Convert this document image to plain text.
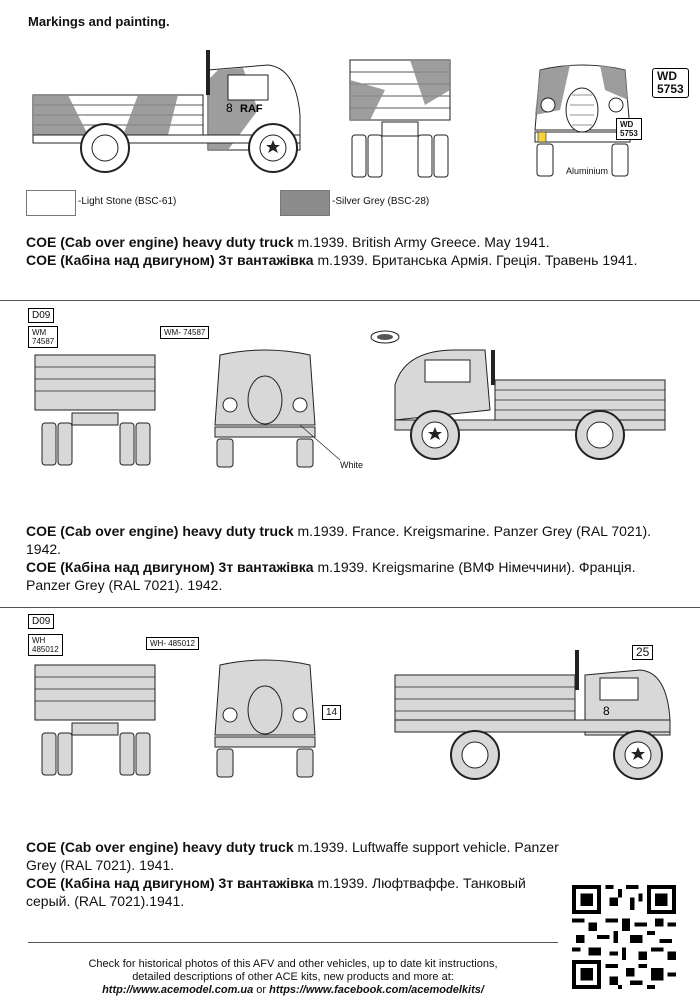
Markings and painting.
RAF
8
WD
5753
WD
5753
Aluminium
-Light Stone (BSC-61)	-Silver Grey (BSC-28)
COE (Cab over engine) heavy duty truck m.1939. British Army Greece. May 1941.
COE (Кабіна над двигуном) 3т вантажівка m.1939. Британська Армія. Греція. Травень 1941.
D09
WM
74587
WM- 74587
White
COE (Cab over engine) heavy duty truck m.1939. France. Kreigsmarine. Panzer Grey (RAL 7021). 1942.
COE (Кабіна над двигуном) 3т вантажівка m.1939. Kreigsmarine (ВМФ Німеччини). Франція. Panzer Grey (RAL 7021). 1942.
D09
WH
485012
WH- 485012
14	8
25
COE (Cab over engine) heavy duty truck m.1939. Luftwaffe support vehicle. Panzer Grey (RAL 7021). 1941.
COE (Кабіна над двигуном) 3т вантажівка m.1939. Люфтваффе. Танковый серый. (RAL 7021).1941.
Check for historical photos of this AFV and other vehicles, up to date kit instructions,
detailed descriptions of other ACE kits, new products and more at:
http://www.acemodel.com.ua or https://www.facebook.com/acemodelkits/
